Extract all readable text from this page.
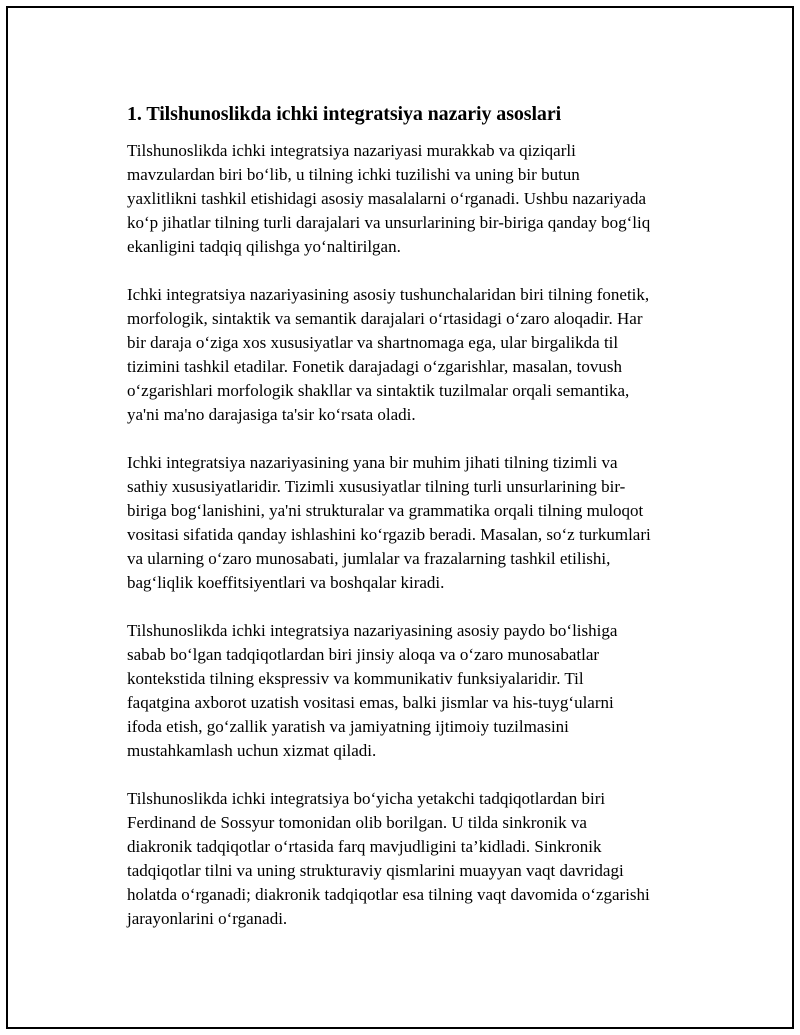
1. Tilshunoslikda ichki integratsiya nazariy asoslari

Tilshunoslikda ichki integratsiya nazariyasi murakkab va qiziqarli
mavzulardan biri bo‘lib, u tilning ichki tuzilishi va uning bir butun
yaxlitlikni tashkil etishidagi asosiy masalalarni o‘rganadi. Ushbu nazariyada
ko‘p jihatlar tilning turli darajalari va unsurlarining bir-biriga qanday bog‘liq
ekanligini tadqiq qilishga yo‘naltirilgan.

Ichki integratsiya nazariyasining asosiy tushunchalaridan biri tilning fonetik,
morfologik, sintaktik va semantik darajalari o‘rtasidagi o‘zaro aloqadir. Har
bir daraja o‘ziga xos xususiyatlar va shartnomaga ega, ular birgalikda til
tizimini tashkil etadilar. Fonetik darajadagi o‘zgarishlar, masalan, tovush
o‘zgarishlari morfologik shakllar va sintaktik tuzilmalar orqali semantika,
ya'ni ma'no darajasiga ta'sir ko‘rsata oladi.

Ichki integratsiya nazariyasining yana bir muhim jihati tilning tizimli va
sathiy xususiyatlaridir. Tizimli xususiyatlar tilning turli unsurlarining bir-
biriga bog‘lanishini, ya'ni strukturalar va grammatika orqali tilning muloqot
vositasi sifatida qanday ishlashini ko‘rgazib beradi. Masalan, so‘z turkumlari
va ularning o‘zaro munosabati, jumlalar va frazalarning tashkil etilishi,
bag‘liqlik koeffitsiyentlari va boshqalar kiradi.

Tilshunoslikda ichki integratsiya nazariyasining asosiy paydo bo‘lishiga
sabab bo‘lgan tadqiqotlardan biri jinsiy aloqa va o‘zaro munosabatlar
kontekstida tilning ekspressiv va kommunikativ funksiyalaridir. Til
faqatgina axborot uzatish vositasi emas, balki jismlar va his-tuyg‘ularni
ifoda etish, go‘zallik yaratish va jamiyatning ijtimoiy tuzilmasini
mustahkamlash uchun xizmat qiladi.

Tilshunoslikda ichki integratsiya bo‘yicha yetakchi tadqiqotlardan biri
Ferdinand de Sossyur tomonidan olib borilgan. U tilda sinkronik va
diakronik tadqiqotlar o‘rtasida farq mavjudligini ta’kidladi. Sinkronik
tadqiqotlar tilni va uning strukturaviy qismlarini muayyan vaqt davridagi
holatda o‘rganadi; diakronik tadqiqotlar esa tilning vaqt davomida o‘zgarishi
jarayonlarini o‘rganadi.
